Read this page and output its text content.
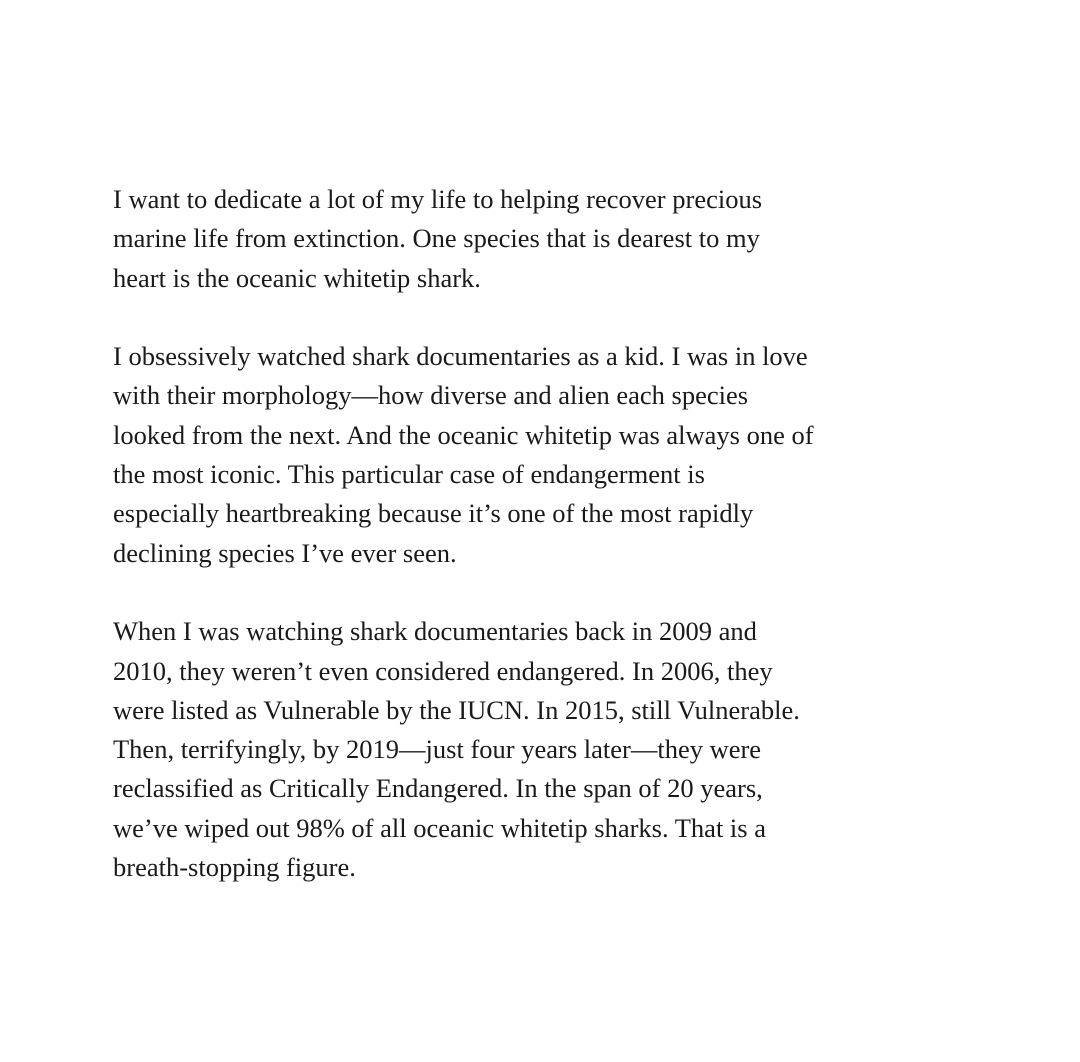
I want to dedicate a lot of my life to helping recover precious
marine life from extinction. One species that is dearest to my
heart is the oceanic whitetip shark.

I obsessively watched shark documentaries as a kid. I was in love
with their morphology—how diverse and alien each species
looked from the next. And the oceanic whitetip was always one of
the most iconic. This particular case of endangerment is
especially heartbreaking because it’s one of the most rapidly
declining species I’ve ever seen.

When I was watching shark documentaries back in 2009 and
2010, they weren’t even considered endangered. In 2006, they
were listed as Vulnerable by the IUCN. In 2015, still Vulnerable.
Then, terrifyingly, by 2019—just four years later—they were
reclassified as Critically Endangered. In the span of 20 years,
we’ve wiped out 98% of all oceanic whitetip sharks. That is a
breath-stopping figure.
